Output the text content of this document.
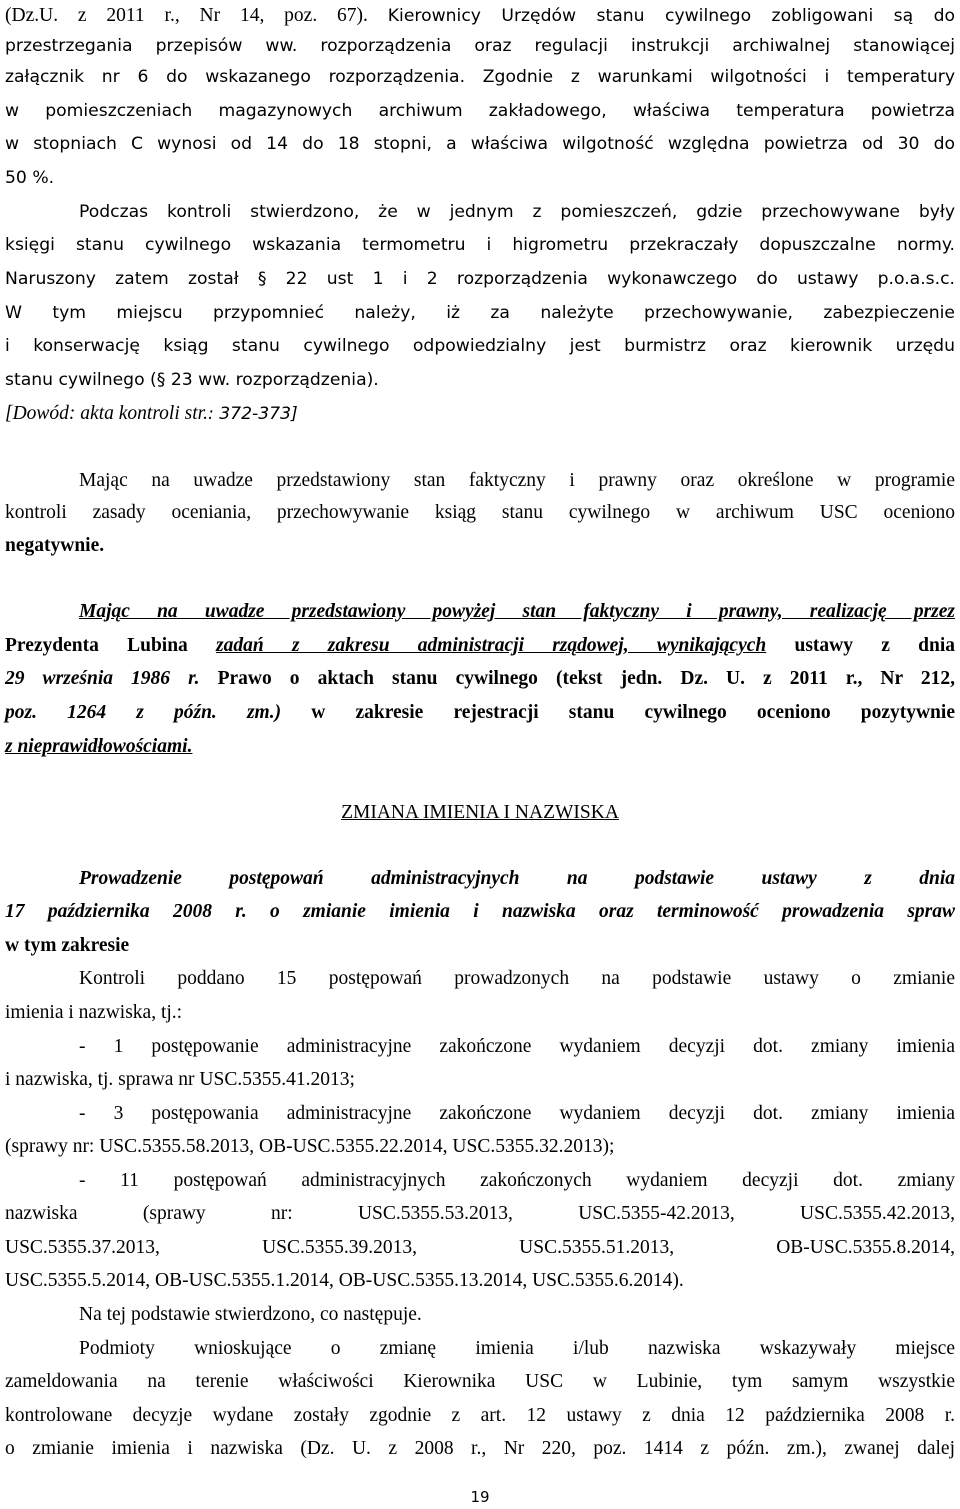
(Dz.U. z 2011 r., Nr 14, poz. 67). Kierownicy Urzędów stanu cywilnego zobligowani są do
przestrzegania przepisów ww. rozporządzenia oraz regulacji instrukcji archiwalnej stanowiącej
załącznik nr 6 do wskazanego rozporządzenia. Zgodnie z warunkami wilgotności i temperatury
w pomieszczeniach magazynowych archiwum zakładowego, właściwa temperatura powietrza
w stopniach C wynosi od 14 do 18 stopni, a właściwa wilgotność względna powietrza od 30 do
50 %.
Podczas kontroli stwierdzono, że w jednym z pomieszczeń, gdzie przechowywane były
księgi stanu cywilnego wskazania termometru i higrometru przekraczały dopuszczalne normy.
Naruszony zatem został § 22 ust 1 i 2 rozporządzenia wykonawczego do ustawy p.o.a.s.c.
W tym miejscu przypomnieć należy, iż za należyte przechowywanie, zabezpieczenie
i konserwację ksiąg stanu cywilnego odpowiedzialny jest burmistrz oraz kierownik urzędu
stanu cywilnego (§ 23 ww. rozporządzenia).
[Dowód: akta kontroli str.: 372-373]
Mając na uwadze przedstawiony stan faktyczny i prawny oraz określone w programie
kontroli zasady oceniania, przechowywanie ksiąg stanu cywilnego w archiwum USC oceniono
negatywnie.
Mając na uwadze przedstawiony powyżej stan faktyczny i prawny, realizację przez
Prezydenta Lubina zadań z zakresu administracji rządowej, wynikających ustawy z dnia
29 września 1986 r. Prawo o aktach stanu cywilnego (tekst jedn. Dz. U. z 2011 r., Nr 212,
poz. 1264 z późn. zm.) w zakresie rejestracji stanu cywilnego oceniono pozytywnie
z nieprawidłowościami.
ZMIANA IMIENIA I NAZWISKA
Prowadzenie postępowań administracyjnych na podstawie ustawy z dnia
17 października 2008 r. o zmianie imienia i nazwiska oraz terminowość prowadzenia spraw
w tym zakresie
Kontroli poddano 15 postępowań prowadzonych na podstawie ustawy o zmianie
imienia i nazwiska, tj.:
- 1 postępowanie administracyjne zakończone wydaniem decyzji dot. zmiany imienia
i nazwiska, tj. sprawa nr USC.5355.41.2013;
- 3 postępowania administracyjne zakończone wydaniem decyzji dot. zmiany imienia
(sprawy nr: USC.5355.58.2013, OB-USC.5355.22.2014, USC.5355.32.2013);
- 11 postępowań administracyjnych zakończonych wydaniem decyzji dot. zmiany
nazwiska (sprawy nr: USC.5355.53.2013, USC.5355-42.2013, USC.5355.42.2013,
USC.5355.37.2013, USC.5355.39.2013, USC.5355.51.2013, OB-USC.5355.8.2014,
USC.5355.5.2014, OB-USC.5355.1.2014, OB-USC.5355.13.2014, USC.5355.6.2014).
Na tej podstawie stwierdzono, co następuje.
Podmioty wnioskujące o zmianę imienia i/lub nazwiska wskazywały miejsce
zameldowania na terenie właściwości Kierownika USC w Lubinie, tym samym wszystkie
kontrolowane decyzje wydane zostały zgodnie z art. 12 ustawy z dnia 12 października 2008 r.
o zmianie imienia i nazwiska (Dz. U. z 2008 r., Nr 220, poz. 1414 z późn. zm.), zwanej dalej
19
